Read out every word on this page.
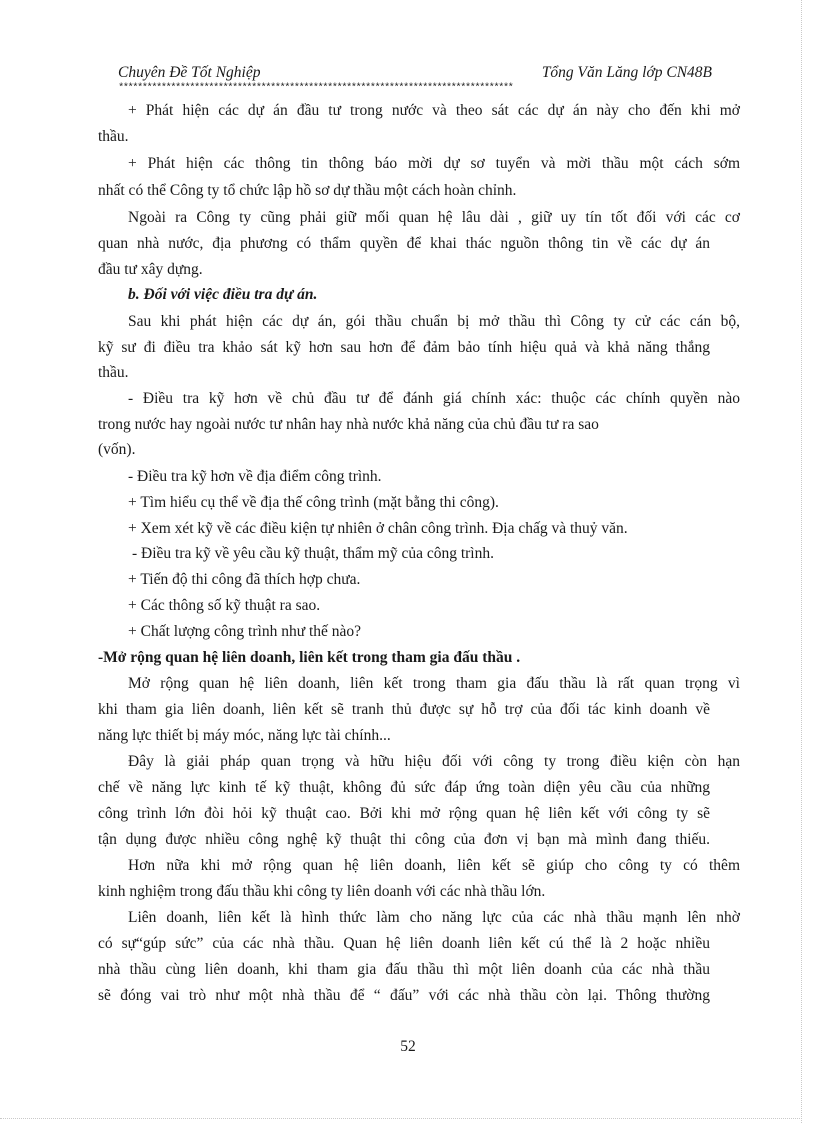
Chuyên Đề Tốt Nghiệp	Tổng Văn Lăng lớp CN48B
***********************************************************************************
+ Phát hiện các dự án đầu tư trong nước và theo sát các dự án này cho đến khi mở
thầu.
+ Phát hiện các thông tin thông báo mời dự sơ tuyển và mời thầu một cách sớm
nhất có thể Công ty tổ chức lập hồ sơ dự thầu một cách hoàn chỉnh.
Ngoài ra Công ty cũng phải giữ mối quan hệ lâu dài , giữ uy tín tốt đối với các cơ
quan nhà nước, địa phương có thẩm quyền để khai thác nguồn thông tin về các dự án
đầu tư xây dựng.
b. Đối với việc điều tra dự án.
Sau khi phát hiện các dự án, gói thầu chuẩn bị mở thầu thì Công ty cử các cán bộ,
kỹ sư đi điều tra khảo sát kỹ hơn sau hơn để đảm bảo tính hiệu quả và khả năng thắng
thầu.
- Điều tra kỹ hơn về chủ đầu tư để đánh giá chính xác: thuộc các chính quyền nào
trong nước hay ngoài nước tư nhân hay nhà nước khả năng của chủ đầu tư ra sao
(vốn).
- Điều tra kỹ hơn về địa điểm công trình.
+ Tìm hiểu cụ thể về địa thế công trình (mặt bằng thi công).
+ Xem xét kỹ về các điều kiện tự nhiên ở chân công trình. Địa chấg và thuỷ văn.
- Điều tra kỹ về yêu cầu kỹ thuật, thẩm mỹ của công trình.
+ Tiến độ thi công đã thích hợp chưa.
+ Các thông số kỹ thuật ra sao.
+ Chất lượng công trình như thế nào?
-Mở rộng quan hệ liên doanh, liên kết trong tham gia đấu thầu .
Mở rộng quan hệ liên doanh, liên kết trong tham gia đấu thầu là rất quan trọng vì
khi tham gia liên doanh, liên kết sẽ tranh thủ được sự hỗ trợ của đối tác kinh doanh về
năng lực thiết bị máy móc, năng lực tài chính...
Đây là giải pháp quan trọng và hữu hiệu đối với công ty trong điều kiện còn hạn
chế về năng lực kinh tế kỹ thuật, không đủ sức đáp ứng toàn diện yêu cầu của những
công trình lớn đòi hỏi kỹ thuật cao. Bởi khi mở rộng quan hệ liên kết với công ty sẽ
tận dụng được nhiều công nghệ kỹ thuật thi công của đơn vị bạn mà mình đang thiếu.
Hơn nữa khi mở rộng quan hệ liên doanh, liên kết sẽ giúp cho công ty có thêm
kinh nghiệm trong đấu thầu khi công ty liên doanh với các nhà thầu lớn.
Liên doanh, liên kết là hình thức làm cho năng lực của các nhà thầu mạnh lên nhờ
có sự“gúp sức” của các nhà thầu. Quan hệ liên doanh liên kết cú thể là 2 hoặc nhiều
nhà thầu cùng liên doanh, khi tham gia đấu thầu thì một liên doanh của các nhà thầu
sẽ đóng vai trò như một nhà thầu để “ đấu” với các nhà thầu còn lại. Thông thường
52
